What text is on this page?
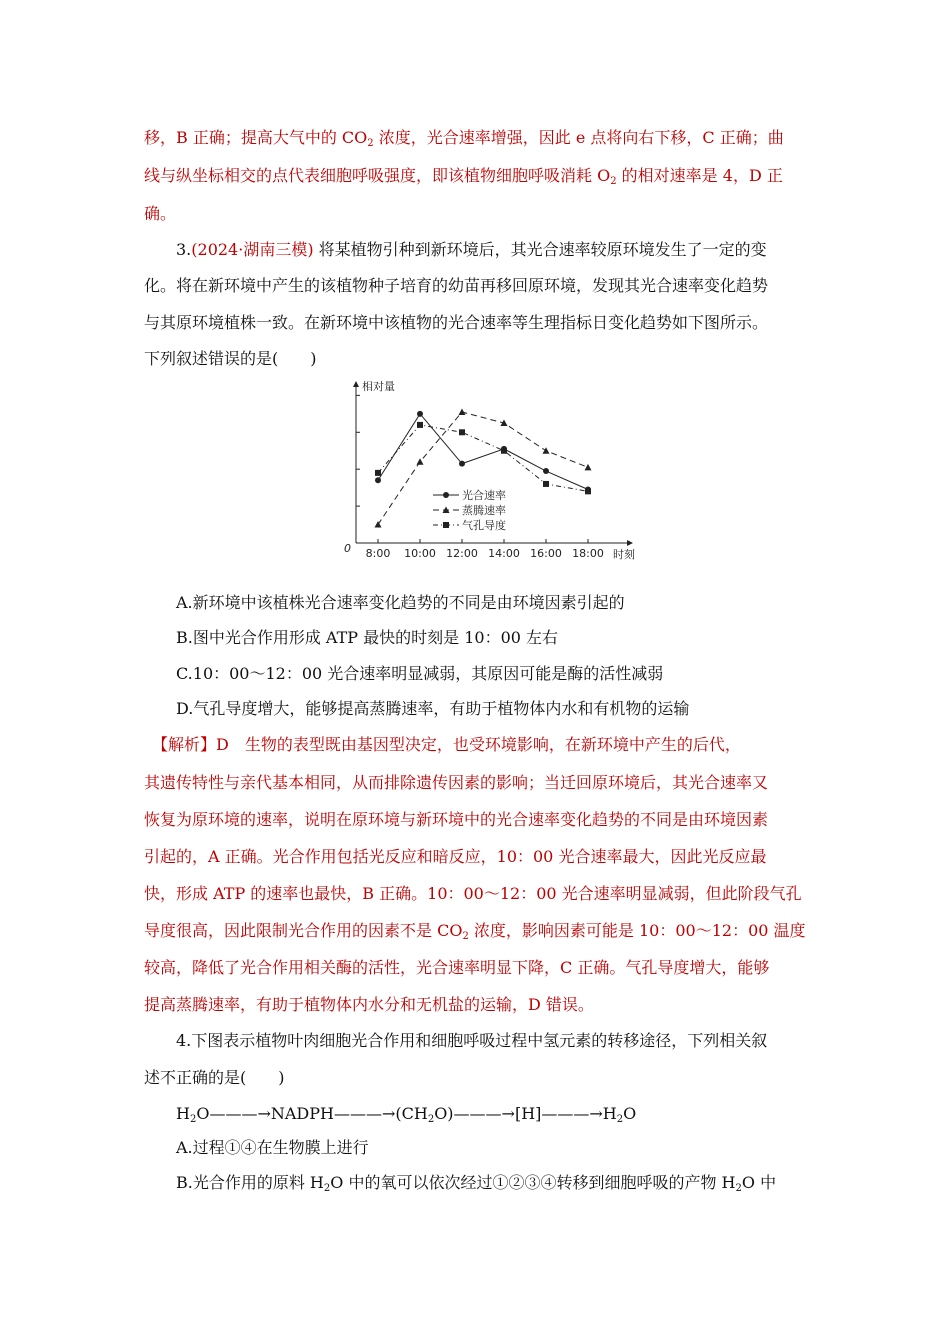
移，B 正确；提高大气中的 $CO_2$ 浓度，光合速率增强，因此 e 点将向右下移，C 正确；曲
线与纵坐标相交的点代表细胞呼吸强度，即该植物细胞呼吸消耗 $O_2$ 的相对速率是 4，D 正
确。
3.(2024·湖南三模) 将某植物引种到新环境后，其光合速率较原环境发生了一定的变
化。将在新环境中产生的该植物种子培育的幼苗再移回原环境，发现其光合速率变化趋势
与其原环境植株一致。在新环境中该植物的光合速率等生理指标日变化趋势如下图所示。
下列叙述错误的是(　　)
相对量
时刻
0 8:00 10:00 12:00 14:00 16:00 18:00
光合速率
蒸腾速率
气孔导度
A.新环境中该植株光合速率变化趋势的不同是由环境因素引起的
B.图中光合作用形成 ATP 最快的时刻是 10：00 左右
C.10：00～12：00 光合速率明显减弱，其原因可能是酶的活性减弱
D.气孔导度增大，能够提高蒸腾速率，有助于植物体内水和有机物的运输
【解析】D　生物的表型既由基因型决定，也受环境影响，在新环境中产生的后代，
其遗传特性与亲代基本相同，从而排除遗传因素的影响；当迁回原环境后，其光合速率又
恢复为原环境的速率，说明在原环境与新环境中的光合速率变化趋势的不同是由环境因素
引起的，A 正确。光合作用包括光反应和暗反应，10：00 光合速率最大，因此光反应最
快，形成 ATP 的速率也最快，B 正确。10：00～12：00 光合速率明显减弱，但此阶段气孔
导度很高，因此限制光合作用的因素不是 $CO_2$ 浓度，影响因素可能是 10：00～12：00 温度
较高，降低了光合作用相关酶的活性，光合速率明显下降，C 正确。气孔导度增大，能够
提高蒸腾速率，有助于植物体内水分和无机盐的运输，D 错误。
4.下图表示植物叶肉细胞光合作用和细胞呼吸过程中氢元素的转移途径，下列相关叙
述不正确的是(　　)
$H_2O———\to NADPH———\to(CH_2O)———\to[H]———\to H_2O$
A.过程①④在生物膜上进行
B.光合作用的原料 $H_2O$ 中的氧可以依次经过①②③④转移到细胞呼吸的产物 $H_2O$ 中
